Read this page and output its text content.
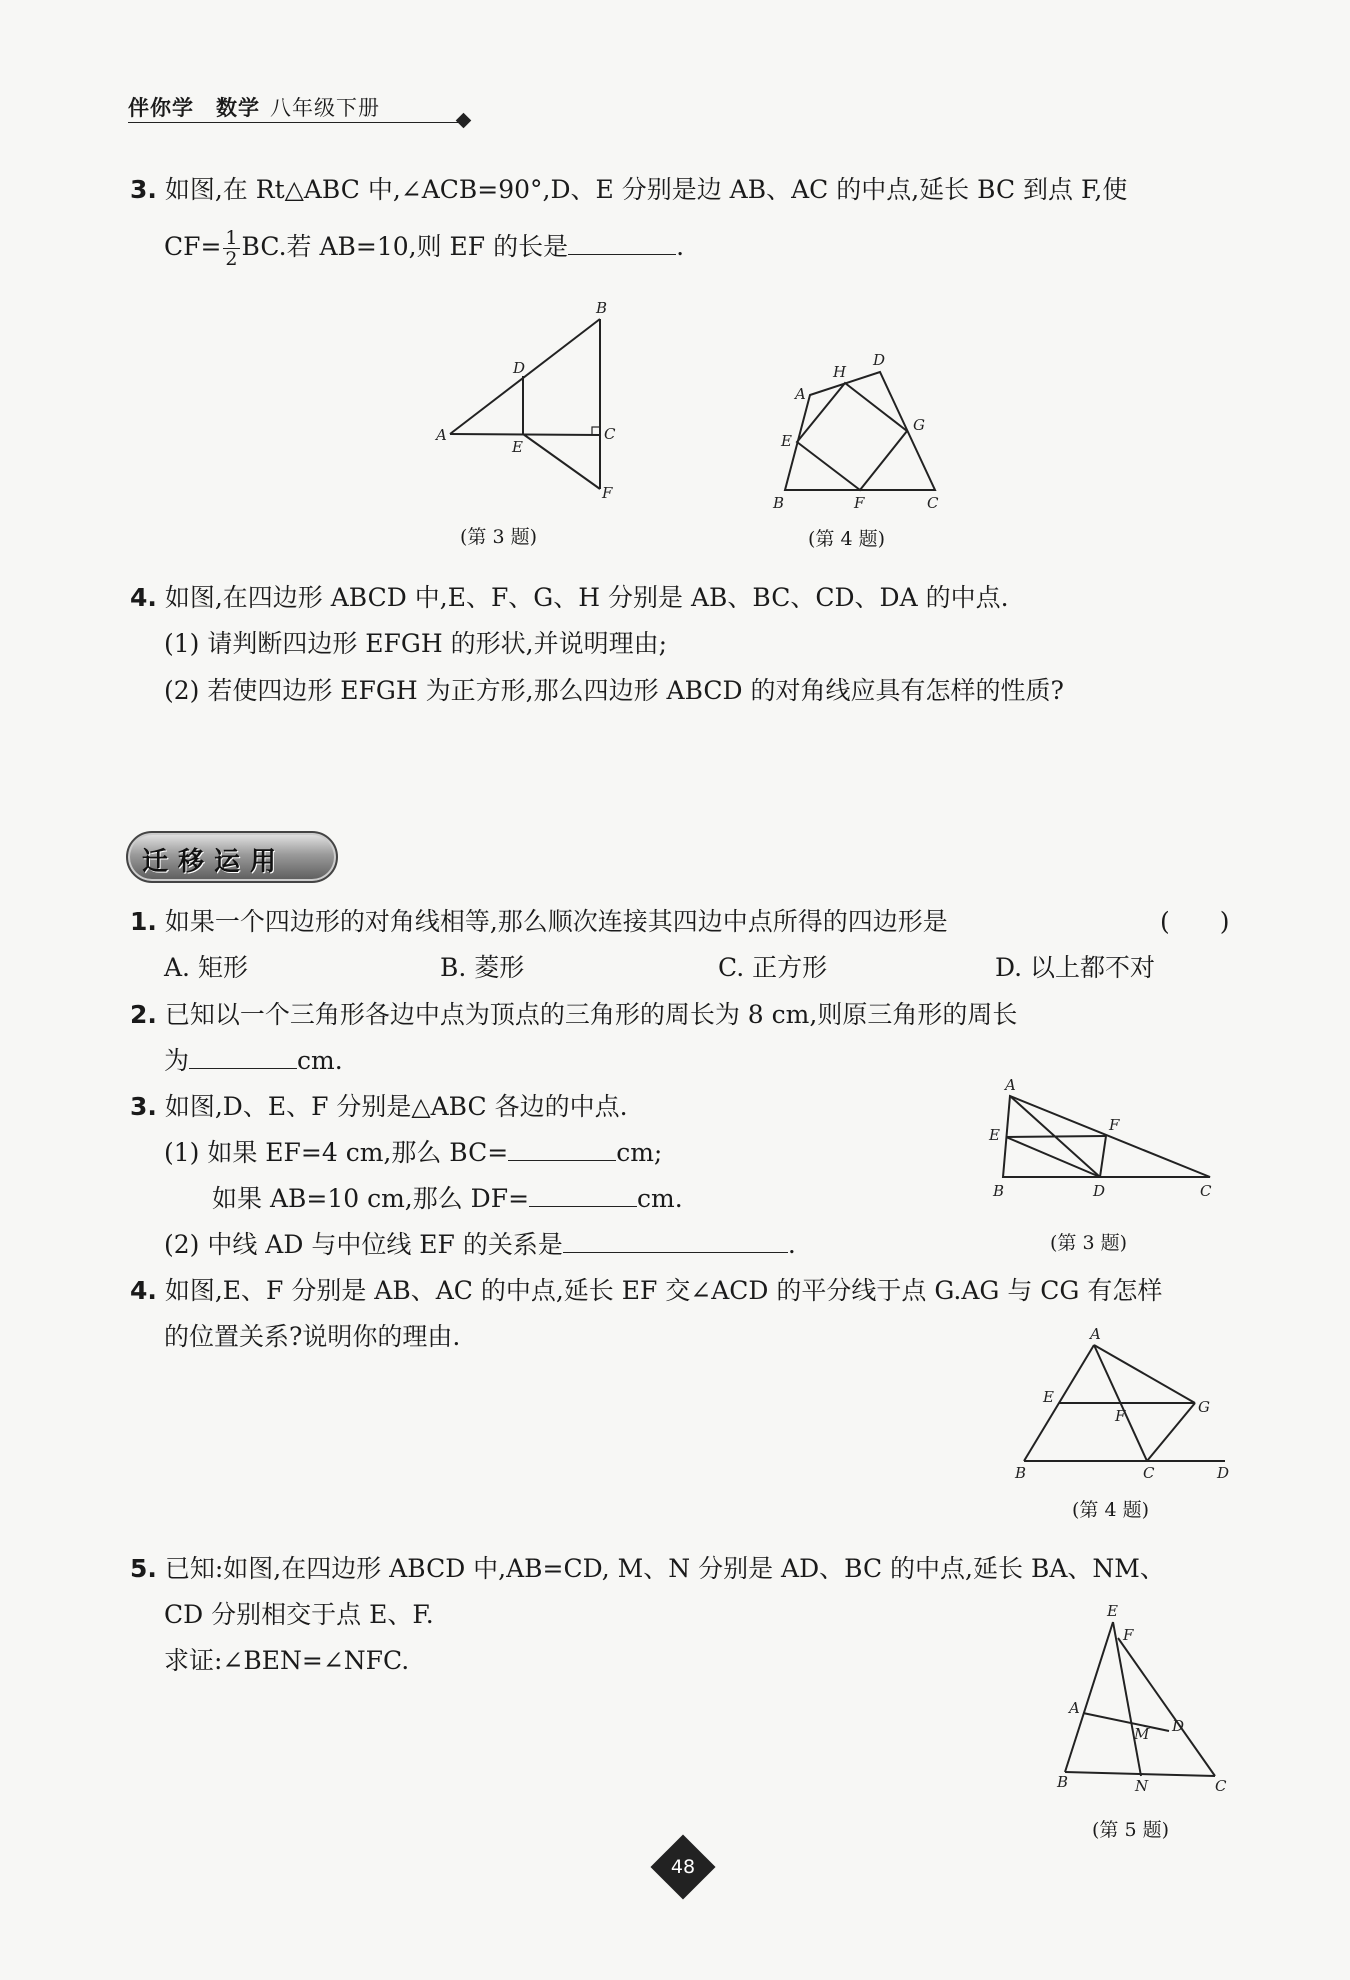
伴你学　数学 八年级下册
3. 如图,在 Rt△ABC 中,∠ACB=90°,D、E 分别是边 AB、AC 的中点,延长 BC 到点 F,使
$CF= \frac{1}{2}$ BC.若 AB=10,则 EF 的长是	.
A
B
C
D
E
F
(第 3 题)
A
B	C
D
E
F
G
H
(第 4 题)
4. 如图,在四边形 ABCD 中,E、F、G、H 分别是 AB、BC、CD、DA 的中点.
(1) 请判断四边形 EFGH 的形状,并说明理由;
(2) 若使四边形 EFGH 为正方形,那么四边形 ABCD 的对角线应具有怎样的性质?
迁移运用
1. 如果一个四边形的对角线相等,那么顺次连接其四边中点所得的四边形是	(　　)
A. 矩形	B. 菱形	C. 正方形	D. 以上都不对
2. 已知以一个三角形各边中点为顶点的三角形的周长为 8 cm,则原三角形的周长
为	cm.
3. 如图,D、E、F 分别是△ABC 各边的中点.
(1) 如果 EF=4 cm,那么 BC=	cm;
如果 AB=10 cm,那么 DF=	cm.
(2) 中线 AD 与中位线 EF 的关系是	.
A
B	C
D
E
F
(第 3 题)
4. 如图,E、F 分别是 AB、AC 的中点,延长 EF 交∠ACD 的平分线于点 G.AG 与 CG 有怎样
的位置关系?说明你的理由.	A
B	C	D
E
F	G
(第 4 题)
5. 已知:如图,在四边形 ABCD 中,AB=CD, M、N 分别是 AD、BC 的中点,延长 BA、NM、
CD 分别相交于点 E、F.
求证:∠BEN=∠NFC.
E
F
A
D
M
B	N	C
(第 5 题)
48
